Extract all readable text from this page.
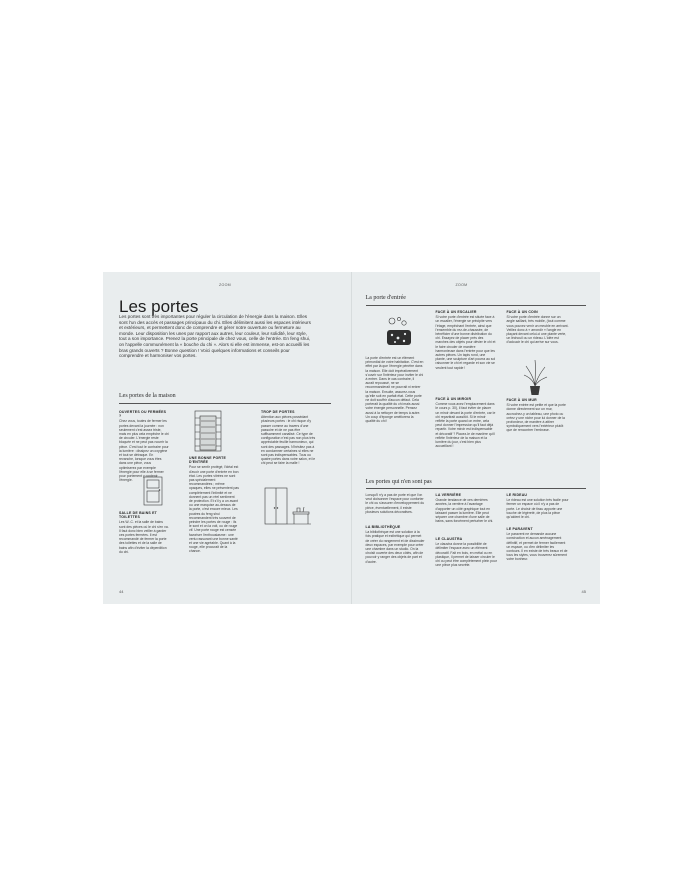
ZOOM
Les portes
Les portes sont très importantes pour réguler la circulation de l'énergie dans la maison. Elles sont l'un des accès et passages principaux du chi. Elles délimitent aussi les espaces intérieurs et extérieurs, et permettent donc de comprendre et gérer notre ouverture ou fermeture au monde. Leur disposition les unes par rapport aux autres, leur couleur, leur solidité, leur style, tout a son importance. Prenez la porte principale de chez vous, celle de l'entrée. En feng shui, on l'appelle communément la « bouche du chi ». Alors si elle est immense, est-on accueilli les bras grands ouverts ? Bonne question ! Voici quelques informations et conseils pour comprendre et harmoniser vos portes.
Les portes de la maison
OUVERTES OU FERMÉES ?

Chez vous, toutes de fermer les portes devant la journée : non seulement c'est assez triste, mais en plus cela empêche le chi de circuler. L'énergie reste bloquée et ne peut pas nourrir la pièce. C'est tout le contraire pour la lumière : dissipez un oxygène et tout se détraque. En revanche, lorsque vous êtes dans une pièce, vous optimiserez par exemple l'énergie pour elle à se fermer pour portement y contenir l'énergie.

SALLE DE BAINS ET TOILETTES

Les W.-C. et la salle de bains sont des pièces où le chi s'en va. Il faut donc bien veiller à garder ces portes fermées. Il est recommandé de fermer la porte des toilettes et de la salle de bains afin d'éviter la déperdition du chi.

UNE BONNE PORTE D'ENTRÉE

Pour se sentir protégé, l'idéal est d'avoir une porte d'entrée en bon état. Les portes vitrées ne sont pas spécialement recommandées ; même opaques, elles ne présentent pas complètement l'intimité et ne donnent pas un réel sentiment de protection. Et s'il y a un avant ou une marquise au-dessus de la porte, c'est encore mieux. Les poutres du feng shui recommandent très souvent de peindre les portes de rouge : ils le sont et on la voit, ou de rouge vif. Une porte rouge est censée favoriser l'enthousiasme : une vertu rassurant une bonne santé et une vie agréable. Quant à la rouge, elle procurait de la chance.

TROP DE PORTES

Attention aux pièces possédant plusieurs portes : le chi risque d'y passer comme au travers d'une passoire et de ne pas être suffisamment canalisé. Ce type de configuration n'est pas non plus très appréciable feuille harmonieux, qui sont des passages. N'hésitez pas à en condamner certaines si elles ne sont pas indispensables. Tous ou quatre portes dans votre salon, et le chi peut se faire la malle !

44
ZOOM
La porte d'entrée

La porte d'entrée est un élément primordial de votre habitation. C'est en effet par là que l'énergie pénètre dans la maison. Elle doit impérativement s'ouvrir sur l'intérieur pour inviter le chi à entrer. Dans le cas contraire, il aurait repoussé, ne se recommanderait ne pourrait ni entrer la maison. Ensuite, assurez-vous qu'elle soit en parfait état. Cette porte ne doit souffrir d'aucun défaut. Cela porterait la qualité du chi mais aussi votre énergie personnelle. Pensez aussi à la nettoyer de temps à autre. Un coup d'éponge améliorera la qualité du chi !

FACE À UN ESCALIER

Si votre porte d'entrée est située face à un escalier, l'énergie se précipite vers l'étage, empêchant l'entrée, ainsi que l'ensemble du rez-de-chaussée, de bénéficier d'une bonne distribution du chi. Essayez de placer près des marches des objets pour dévier le chi et le faire circuler de manière harmonieuse dans l'entrée pour que les autres pièces. Un tapis rond, une plante, une sculpture d'art pourra au sol raisonner le chi et regarde et son vie se veulent tout rapide !

FACE À UN MIROIR

Comme vous avez l'emplacement dans le cours p. 30), il faut éviter de placer un miroir devant la porte d'entrée, car le chi repartirait aussitôt. Si le miroir reflète la porte quand on entre, cela peut donner l'impression qu'il faut déjà repartir. Votre miroir est indispensable et décoratif ? Placez-le de manière qu'il reflète l'intérieur de la maison et la lumière du jour, c'est bien plus accueillant !

FACE À UN COIN

Si votre porte d'entrée donne sur un angle saillant, très mobile, (tout comme vous pouvez venir un meuble en arrivant. Veillez donc à « arrondir » l'angle en plaçant devant celui-ci une plante verte, un lèchouil ou un rideau. L'idée est d'adoucir le chi qui arrive sur vous.

FACE À UN MUR

Si votre entrée est petite et que la porte donne directement sur un mur, accrochez-y un tableau, une photo ou créez y une niche pour lui donner de la profondeur, de manière à attirer symboliquement vers l'extérieur plutôt que de rencontrer l'embrase.

Les portes qui n'en sont pas

Lorsqu'il n'y a pas de porte et que l'on veut cloisonner l'espace pour conforter le chi ou s'assurer d'enveloppement du pièce, éventuellement, il existe plusieurs solutions décoratives.

LA BIBLIOTHÈQUE

La bibliothèque est une solution à la fois pratique et esthétique qui permet de créer du rangement et de dissimuler deux espaces, par exemple pour créer une chambre dans un studio. On la choisit ouverte des deux côtés, afin de pouvoir y ranger des objets de part et d'autre.

LA VERRIÈRE

Grande tendance de ces dernières années, la verrière à l'avantage d'apporter un côté graphique tout en laissant passer la lumière. Elle peut séparer une chambre d'une salle de bains, sans forcément perturber le chi.

LE CLAUSTRA

Le claustra donne la possibilité de délimiter l'espace avec un élément décoratif. Fait en bois, en métal ou en plastique, il permet de laisser circuler le chi ou peut être complètement plein pour une pièce plus secrète.

LE RIDEAU

Le rideau est une solution très facile pour fermer un espace où il n'y a pas de porte. Le choisir de tissu apporte une touche de légèreté, de plus la pièce qu'aident le chi.

LE PARAVENT

Le paravent ne demande aucune construction et aucun aménagement définitif, et permet de fermer facilement un espace, ou d'en délimiter les contours. Il en existe de très beaux et de tous les styles, vous trouverez sûrement votre bonheur.

45
